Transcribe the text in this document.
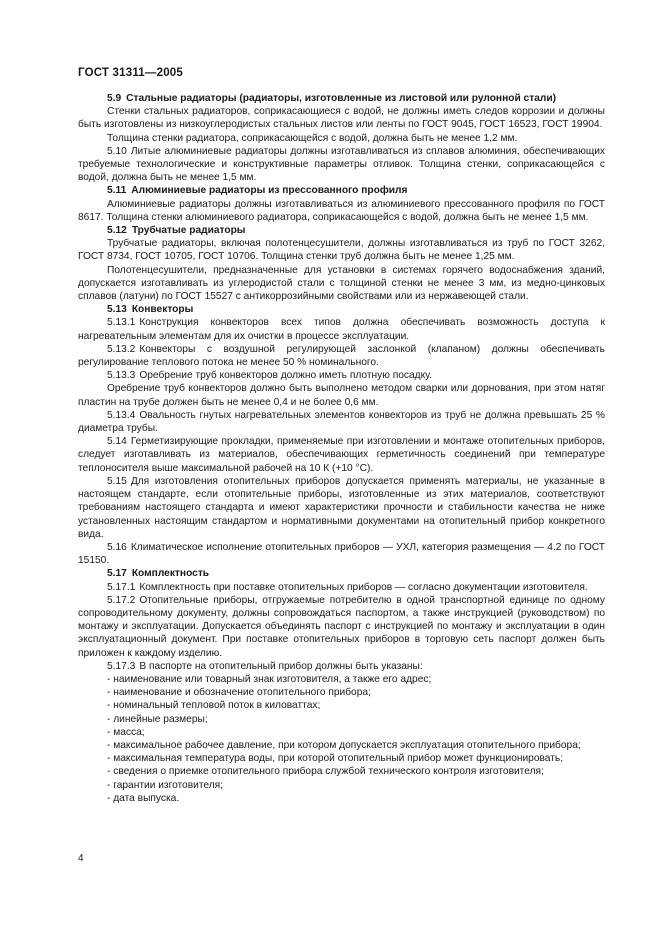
ГОСТ 31311—2005

5.9 Стальные радиаторы (радиаторы, изготовленные из листовой или рулонной стали)

Стенки стальных радиаторов, соприкасающиеся с водой, не должны иметь следов коррозии и должны быть изготовлены из низкоуглеродистых стальных листов или ленты по ГОСТ 9045, ГОСТ 16523, ГОСТ 19904.

Толщина стенки радиатора, соприкасающейся с водой, должна быть не менее 1,2 мм.

5.10 Литые алюминиевые радиаторы должны изготавливаться из сплавов алюминия, обеспечивающих требуемые технологические и конструктивные параметры отливок. Толщина стенки, соприкасающейся с водой, должна быть не менее 1,5 мм.

5.11 Алюминиевые радиаторы из прессованного профиля

Алюминиевые радиаторы должны изготавливаться из алюминиевого прессованного профиля по ГОСТ 8617. Толщина стенки алюминиевого радиатора, соприкасающейся с водой, должна быть не менее 1,5 мм.

5.12 Трубчатые радиаторы

Трубчатые радиаторы, включая полотенцесушители, должны изготавливаться из труб по ГОСТ 3262, ГОСТ 8734, ГОСТ 10705, ГОСТ 10706. Толщина стенки труб должна быть не менее 1,25 мм.

Полотенцесушители, предназначенные для установки в системах горячего водоснабжения зданий, допускается изготавливать из углеродистой стали с толщиной стенки не менее 3 мм, из медно-цинковых сплавов (латуни) по ГОСТ 15527 с антикоррозийными свойствами или из нержавеющей стали.

5.13 Конвекторы

5.13.1 Конструкция конвекторов всех типов должна обеспечивать возможность доступа к нагревательным элементам для их очистки в процессе эксплуатации.

5.13.2 Конвекторы с воздушной регулирующей заслонкой (клапаном) должны обеспечивать регулирование теплового потока не менее 50 % номинального.

5.13.3 Оребрение труб конвекторов должно иметь плотную посадку.

Оребрение труб конвекторов должно быть выполнено методом сварки или дорнования, при этом натяг пластин на трубе должен быть не менее 0,4 и не более 0,6 мм.

5.13.4 Овальность гнутых нагревательных элементов конвекторов из труб не должна превышать 25 % диаметра трубы.

5.14 Герметизирующие прокладки, применяемые при изготовлении и монтаже отопительных приборов, следует изготавливать из материалов, обеспечивающих герметичность соединений при температуре теплоносителя выше максимальной рабочей на 10 К (+10 °С).

5.15 Для изготовления отопительных приборов допускается применять материалы, не указанные в настоящем стандарте, если отопительные приборы, изготовленные из этих материалов, соответствуют требованиям настоящего стандарта и имеют характеристики прочности и стабильности качества не ниже установленных настоящим стандартом и нормативными документами на отопительный прибор конкретного вида.

5.16 Климатическое исполнение отопительных приборов — УХЛ, категория размещения — 4.2 по ГОСТ 15150.

5.17 Комплектность

5.17.1 Комплектность при поставке отопительных приборов — согласно документации изготовителя.

5.17.2 Отопительные приборы, отгружаемые потребителю в одной транспортной единице по одному сопроводительному документу, должны сопровождаться паспортом, а также инструкцией (руководством) по монтажу и эксплуатации. Допускается объединять паспорт с инструкцией по монтажу и эксплуатации в один эксплуатационный документ. При поставке отопительных приборов в торговую сеть паспорт должен быть приложен к каждому изделию.

5.17.3 В паспорте на отопительный прибор должны быть указаны:

- наименование или товарный знак изготовителя, а также его адрес;

- наименование и обозначение отопительного прибора;

- номинальный тепловой поток в киловаттах;

- линейные размеры;

- масса;

- максимальное рабочее давление, при котором допускается эксплуатация отопительного прибора;

- максимальная температура воды, при которой отопительный прибор может функционировать;

- сведения о приемке отопительного прибора службой технического контроля изготовителя;

- гарантии изготовителя;

- дата выпуска.

4
